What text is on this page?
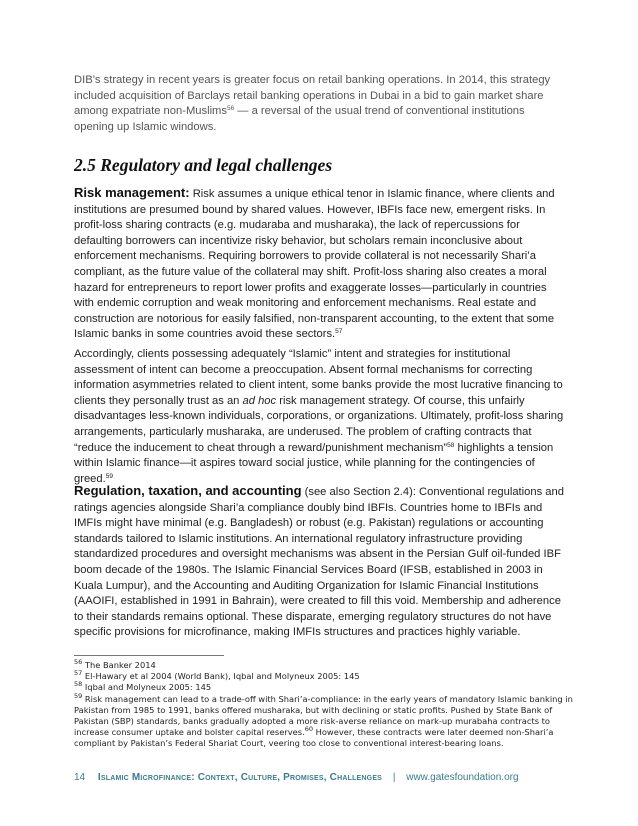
DIB’s strategy in recent years is greater focus on retail banking operations. In 2014, this strategy included acquisition of Barclays retail banking operations in Dubai in a bid to gain market share among expatriate non-Muslims$^{56}$ — a reversal of the usual trend of conventional institutions opening up Islamic windows.
2.5 Regulatory and legal challenges
Risk management: Risk assumes a unique ethical tenor in Islamic finance, where clients and institutions are presumed bound by shared values. However, IBFIs face new, emergent risks. In profit-loss sharing contracts (e.g. mudaraba and musharaka), the lack of repercussions for defaulting borrowers can incentivize risky behavior, but scholars remain inconclusive about enforcement mechanisms. Requiring borrowers to provide collateral is not necessarily Shari’a compliant, as the future value of the collateral may shift. Profit-loss sharing also creates a moral hazard for entrepreneurs to report lower profits and exaggerate losses—particularly in countries with endemic corruption and weak monitoring and enforcement mechanisms. Real estate and construction are notorious for easily falsified, non-transparent accounting, to the extent that some Islamic banks in some countries avoid these sectors.$^{57}$
Accordingly, clients possessing adequately “Islamic” intent and strategies for institutional assessment of intent can become a preoccupation. Absent formal mechanisms for correcting information asymmetries related to client intent, some banks provide the most lucrative financing to clients they personally trust as an ad hoc risk management strategy. Of course, this unfairly disadvantages less-known individuals, corporations, or organizations. Ultimately, profit-loss sharing arrangements, particularly musharaka, are underused. The problem of crafting contracts that “reduce the inducement to cheat through a reward/punishment mechanism”$^{58}$ highlights a tension within Islamic finance—it aspires toward social justice, while planning for the contingencies of greed.$^{59}$
Regulation, taxation, and accounting (see also Section 2.4): Conventional regulations and ratings agencies alongside Shari’a compliance doubly bind IBFIs. Countries home to IBFIs and IMFIs might have minimal (e.g. Bangladesh) or robust (e.g. Pakistan) regulations or accounting standards tailored to Islamic institutions. An international regulatory infrastructure providing standardized procedures and oversight mechanisms was absent in the Persian Gulf oil-funded IBF boom decade of the 1980s. The Islamic Financial Services Board (IFSB, established in 2003 in Kuala Lumpur), and the Accounting and Auditing Organization for Islamic Financial Institutions (AAOIFI, established in 1991 in Bahrain), were created to fill this void. Membership and adherence to their standards remains optional. These disparate, emerging regulatory structures do not have specific provisions for microfinance, making IMFIs structures and practices highly variable.
$^{56}$ The Banker 2014
$^{57}$ El-Hawary et al 2004 (World Bank), Iqbal and Molyneux 2005: 145
$^{58}$ Iqbal and Molyneux 2005: 145
$^{59}$ Risk management can lead to a trade-off with Shari’a-compliance: in the early years of mandatory Islamic banking in Pakistan from 1985 to 1991, banks offered musharaka, but with declining or static profits. Pushed by State Bank of Pakistan (SBP) standards, banks gradually adopted a more risk-averse reliance on mark-up murabaha contracts to increase consumer uptake and bolster capital reserves.$^{60}$ However, these contracts were later deemed non-Shari’a compliant by Pakistan’s Federal Shariat Court, veering too close to conventional interest-bearing loans.
14 Islamic Microfinance: Context, Culture, Promises, Challenges | www.gatesfoundation.org
